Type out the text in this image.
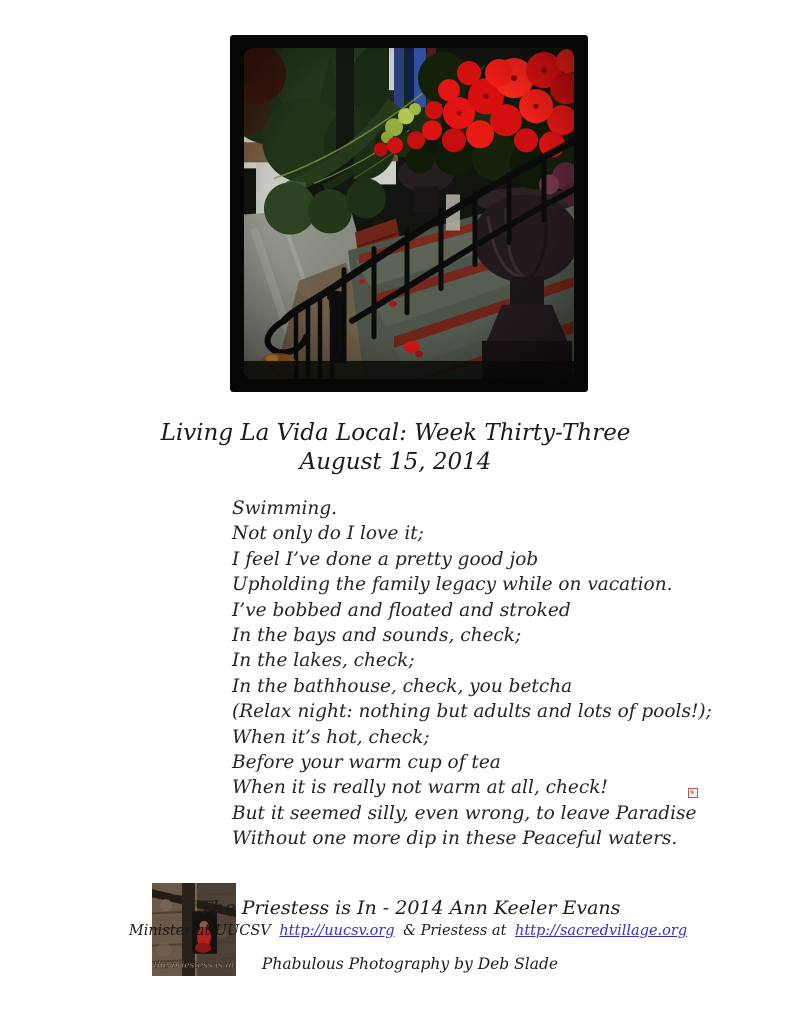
Living La Vida Local: Week Thirty-Three
August 15, 2014
Swimming.
Not only do I love it;
I feel I’ve done a pretty good job
Upholding the family legacy while on vacation.
I’ve bobbed and floated and stroked
In the bays and sounds, check;
In the lakes, check;
In the bathhouse, check, you betcha
(Relax night: nothing but adults and lots of pools!);
When it’s hot, check;
Before your warm cup of tea
When it is really not warm at all, check!
But it seemed silly, even wrong, to leave Paradise
Without one more dip in these Peaceful waters.
the priestess is in
The Priestess is In - 2014 Ann Keeler Evans
Minister at UUCSV http://uucsv.org & Priestess at http://sacredvillage.org
Phabulous Photography by Deb Slade
